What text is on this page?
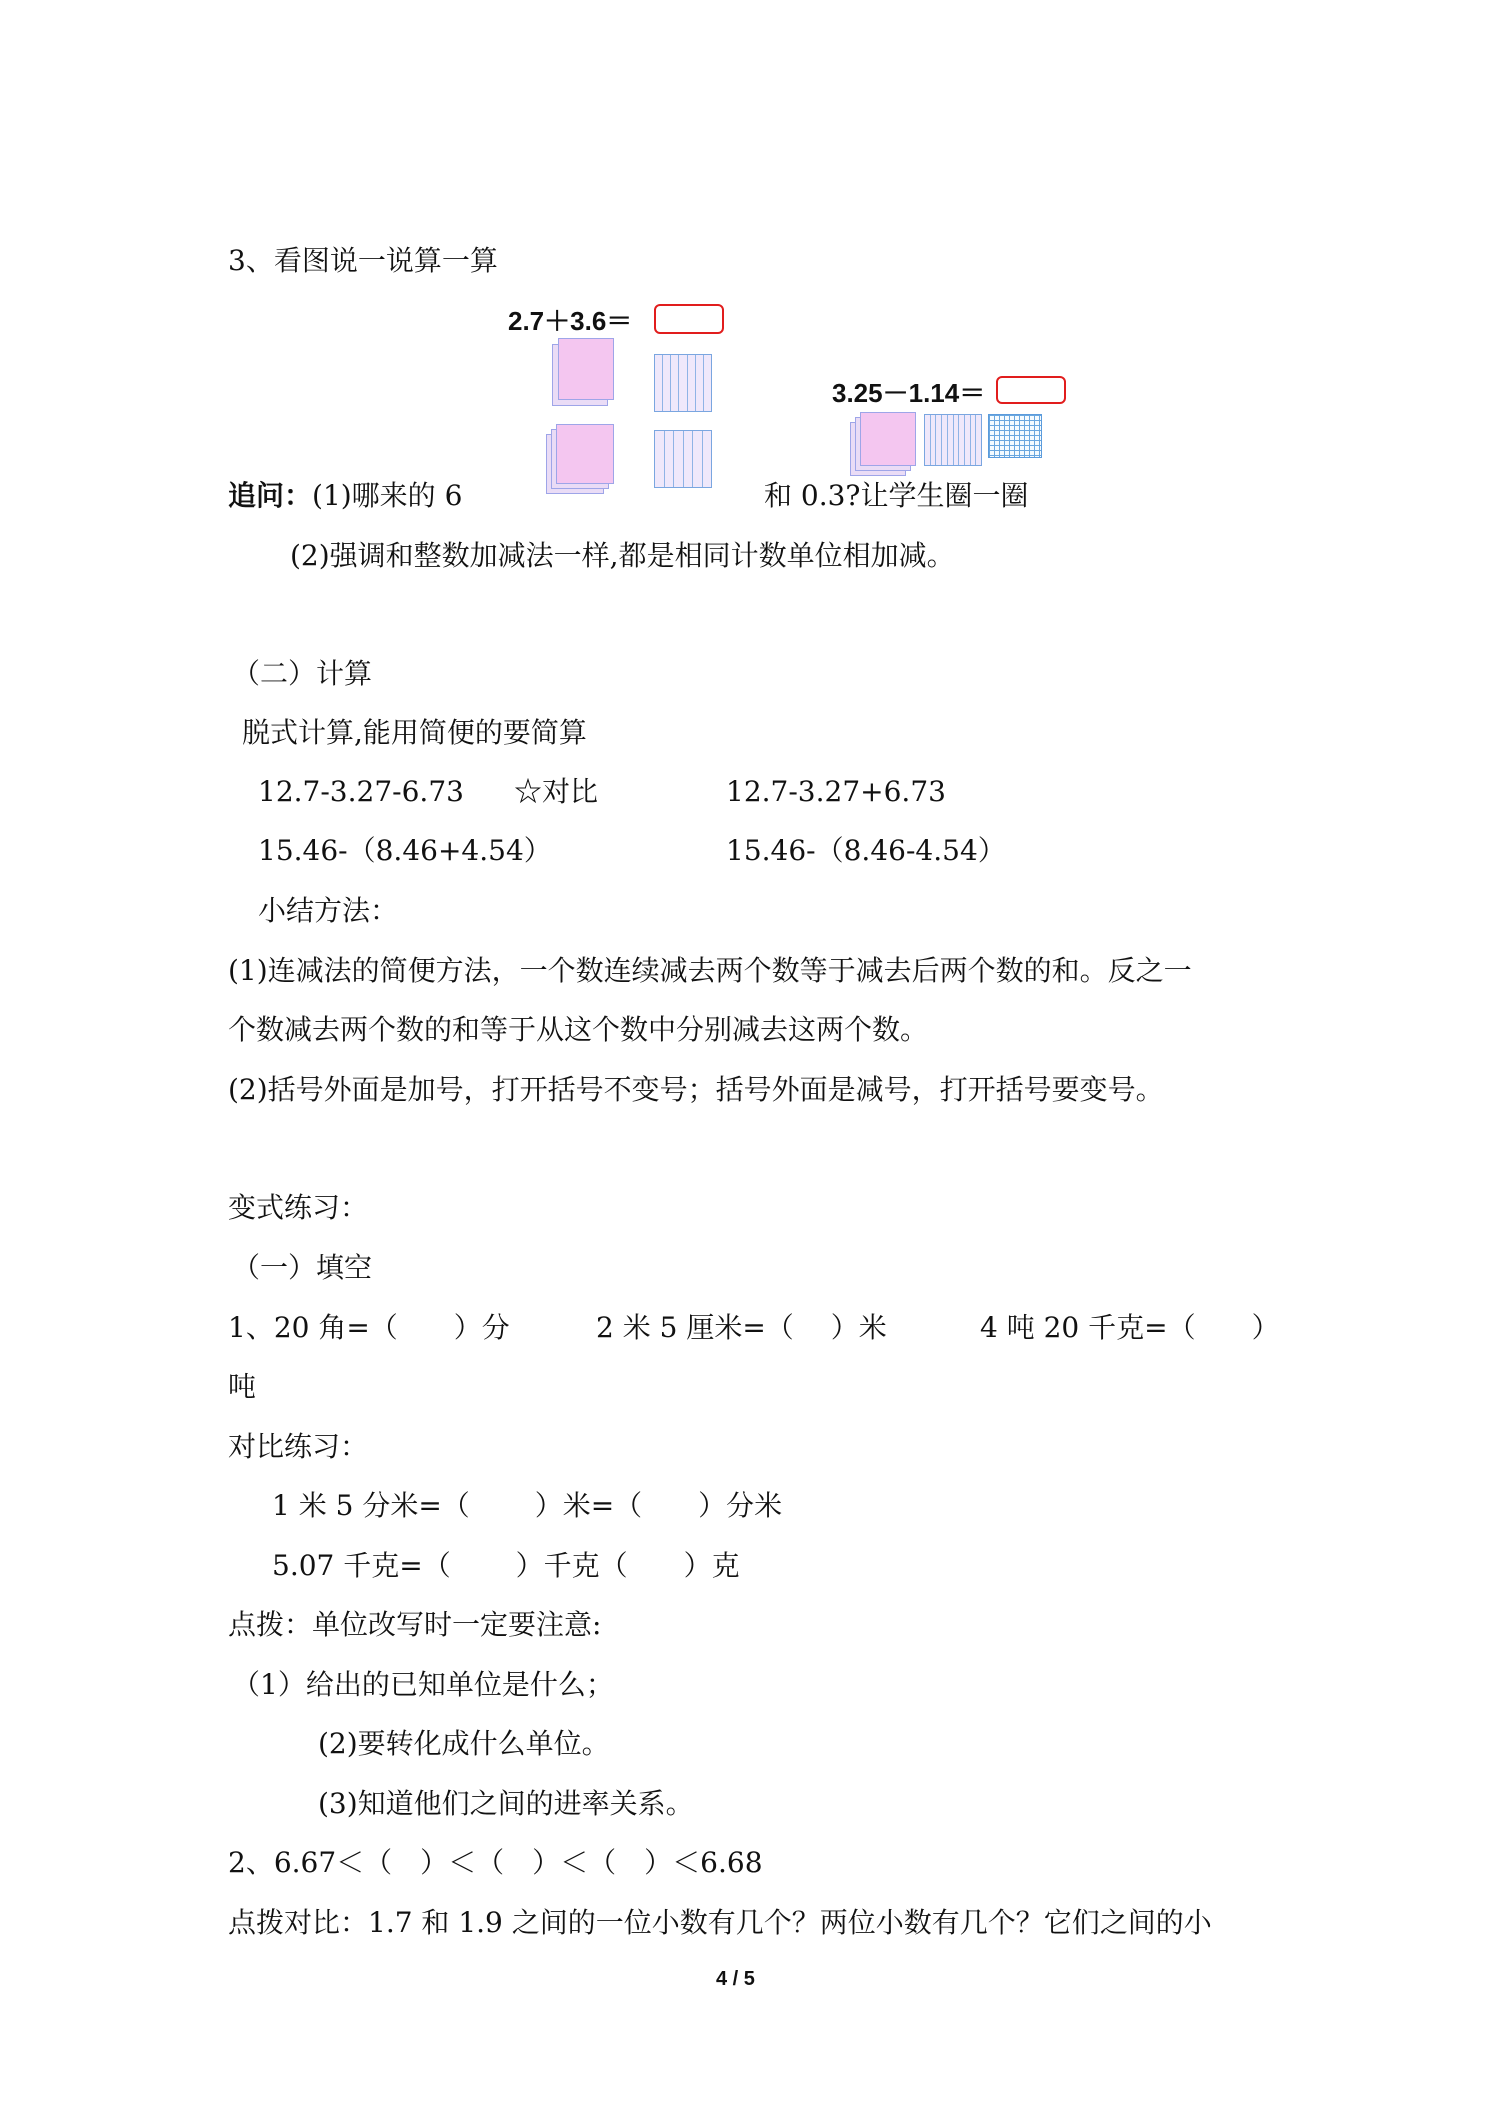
3、看图说一说算一算
2.7＋3.6＝
3.25－1.14＝
追问：(1)哪来的 6	和 0.3?让学生圈一圈
(2)强调和整数加减法一样,都是相同计数单位相加减。
（二）计算
脱式计算,能用简便的要简算
12.7-3.27-6.73 ☆对比	12.7-3.27+6.73
15.46-（8.46+4.54）	15.46-（8.46-4.54）
小结方法：
(1)连减法的简便方法，一个数连续减去两个数等于减去后两个数的和。反之一
个数减去两个数的和等于从这个数中分别减去这两个数。
(2)括号外面是加号，打开括号不变号；括号外面是减号，打开括号要变号。
变式练习：
（一）填空
1、20 角=（　　）分	2 米 5 厘米=（　 ）米	4 吨 20 千克=（　　）
吨
对比练习：
1 米 5 分米=（　　 ）米=（　　）分米
5.07 千克=（　　 ）千克（　　）克
点拨：单位改写时一定要注意:
（1）给出的已知单位是什么；
(2)要转化成什么单位。
(3)知道他们之间的进率关系。
2、6.67＜（　）＜（　）＜（　）＜6.68
点拨对比：1.7 和 1.9 之间的一位小数有几个？两位小数有几个？它们之间的小
4 / 5
